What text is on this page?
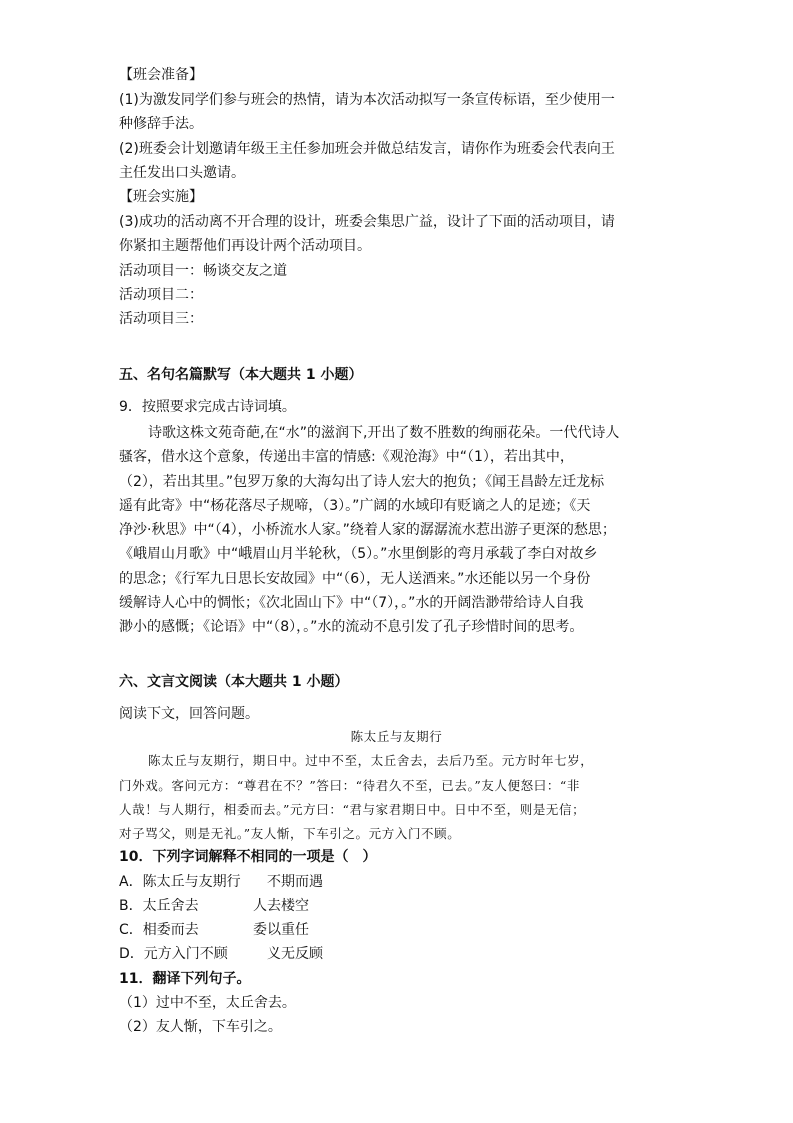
【班会准备】
(1)为激发同学们参与班会的热情，请为本次活动拟写一条宣传标语，至少使用一
种修辞手法。
(2)班委会计划邀请年级王主任参加班会并做总结发言，请你作为班委会代表向王
主任发出口头邀请。
【班会实施】
(3)成功的活动离不开合理的设计，班委会集思广益，设计了下面的活动项目，请
你紧扣主题帮他们再设计两个活动项目。
活动项目一：畅谈交友之道
活动项目二：
活动项目三：
五、名句名篇默写（本大题共 1 小题）
9．按照要求完成古诗词填。
诗歌这株文苑奇葩,在“水”的滋润下,开出了数不胜数的绚丽花朵。一代代诗人
骚客，借水这个意象，传递出丰富的情感:《观沧海》中“（1），若出其中，
（2），若出其里。”包罗万象的大海勾出了诗人宏大的抱负；《闻王昌龄左迁龙标
遥有此寄》中“杨花落尽子规啼，（3）。”广阔的水域印有贬谪之人的足迹；《天
净沙·秋思》中“（4），小桥流水人家。”绕着人家的潺潺流水惹出游子更深的愁思；
《峨眉山月歌》中“峨眉山月半轮秋，（5）。”水里倒影的弯月承载了李白对故乡
的思念；《行军九日思长安故园》中“（6），无人送酒来。”水还能以另一个身份
缓解诗人心中的惆怅；《次北固山下》中“（7），。”水的开阔浩渺带给诗人自我
渺小的感慨；《论语》中“（8），。”水的流动不息引发了孔子珍惜时间的思考。
六、文言文阅读（本大题共 1 小题）
阅读下文，回答问题。
陈太丘与友期行
陈太丘与友期行，期日中。过中不至，太丘舍去，去后乃至。元方时年七岁，
门外戏。客问元方：“尊君在不？”答曰：“待君久不至，已去。”友人便怒曰：“非
人哉！与人期行，相委而去。”元方曰：“君与家君期日中。日中不至，则是无信；
对子骂父，则是无礼。”友人惭，下车引之。元方入门不顾。
10．下列字词解释不相同的一项是（　）
A．陈太丘与友期行 不期而遇
B．太丘舍去	人去楼空
C．相委而去	委以重任
D．元方入门不顾	义无反顾
11．翻译下列句子。
（1）过中不至，太丘舍去。
（2）友人惭，下车引之。
